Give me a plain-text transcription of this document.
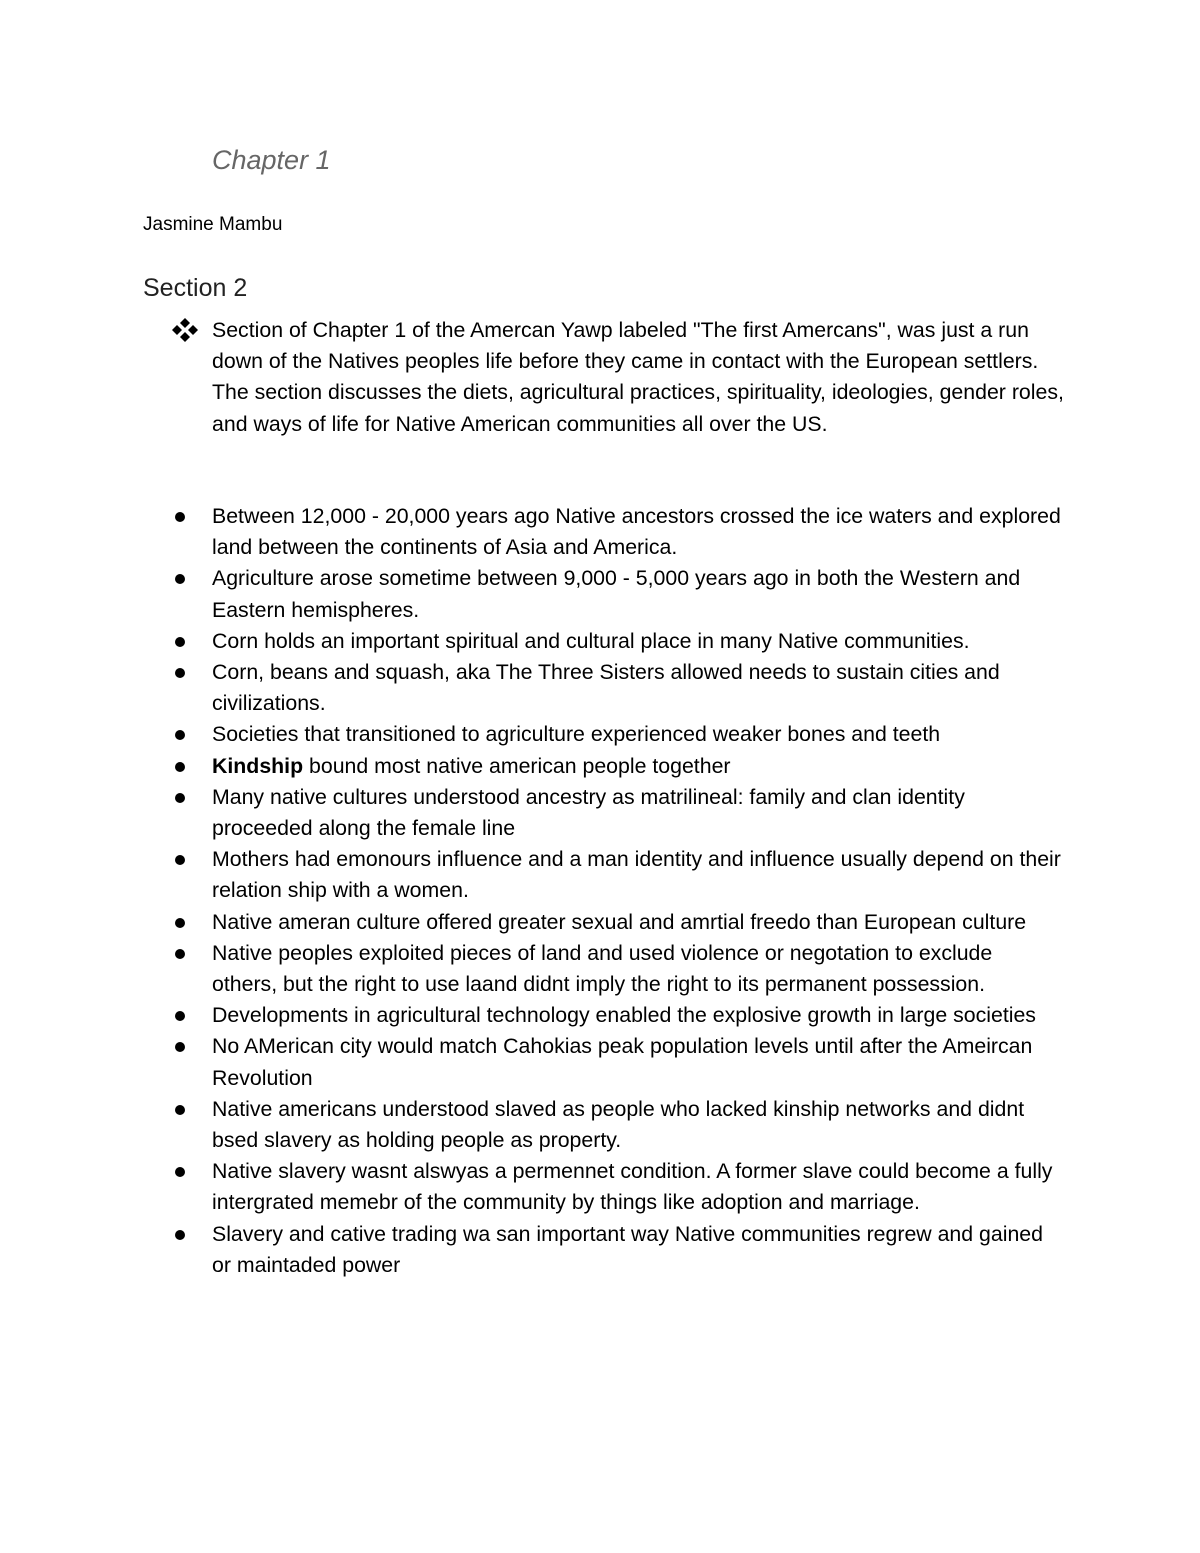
Chapter 1

Jasmine Mambu

Section 2

Section of Chapter 1 of the Amercan Yawp labeled "The first Amercans", was just a run down of the Natives peoples life before they came in contact with the European settlers. The section discusses the diets, agricultural practices, spirituality, ideologies, gender roles, and ways of life for Native American communities all over the US.

Between 12,000 - 20,000 years ago Native ancestors crossed the ice waters and explored land between the continents of Asia and America.
Agriculture arose sometime between 9,000 - 5,000 years ago in both the Western and Eastern hemispheres.
Corn holds an important spiritual and cultural place in many Native communities.
Corn, beans and squash, aka The Three Sisters allowed needs to sustain cities and civilizations.
Societies that transitioned to agriculture experienced weaker bones and teeth
Kindship bound most native american people together
Many native cultures understood ancestry as matrilineal: family and clan identity proceeded along the female line
Mothers had emonours influence and a man identity and influence usually depend on their relation ship with a women.
Native ameran culture offered greater sexual and amrtial freedo than European culture
Native peoples exploited pieces of land and used violence or negotation to exclude others, but the right to use laand didnt imply the right to its permanent possession.
Developments in agricultural technology enabled the explosive growth in large societies
No AMerican city would match Cahokias peak population levels until after the Ameircan Revolution
Native americans understood slaved as people who lacked kinship networks and didnt bsed slavery as holding people as property.
Native slavery wasnt alswyas a permennet condition. A former slave could become a fully intergrated memebr of the community by things like adoption and marriage.
Slavery and cative trading wa san important way Native communities regrew and gained or maintaded power
